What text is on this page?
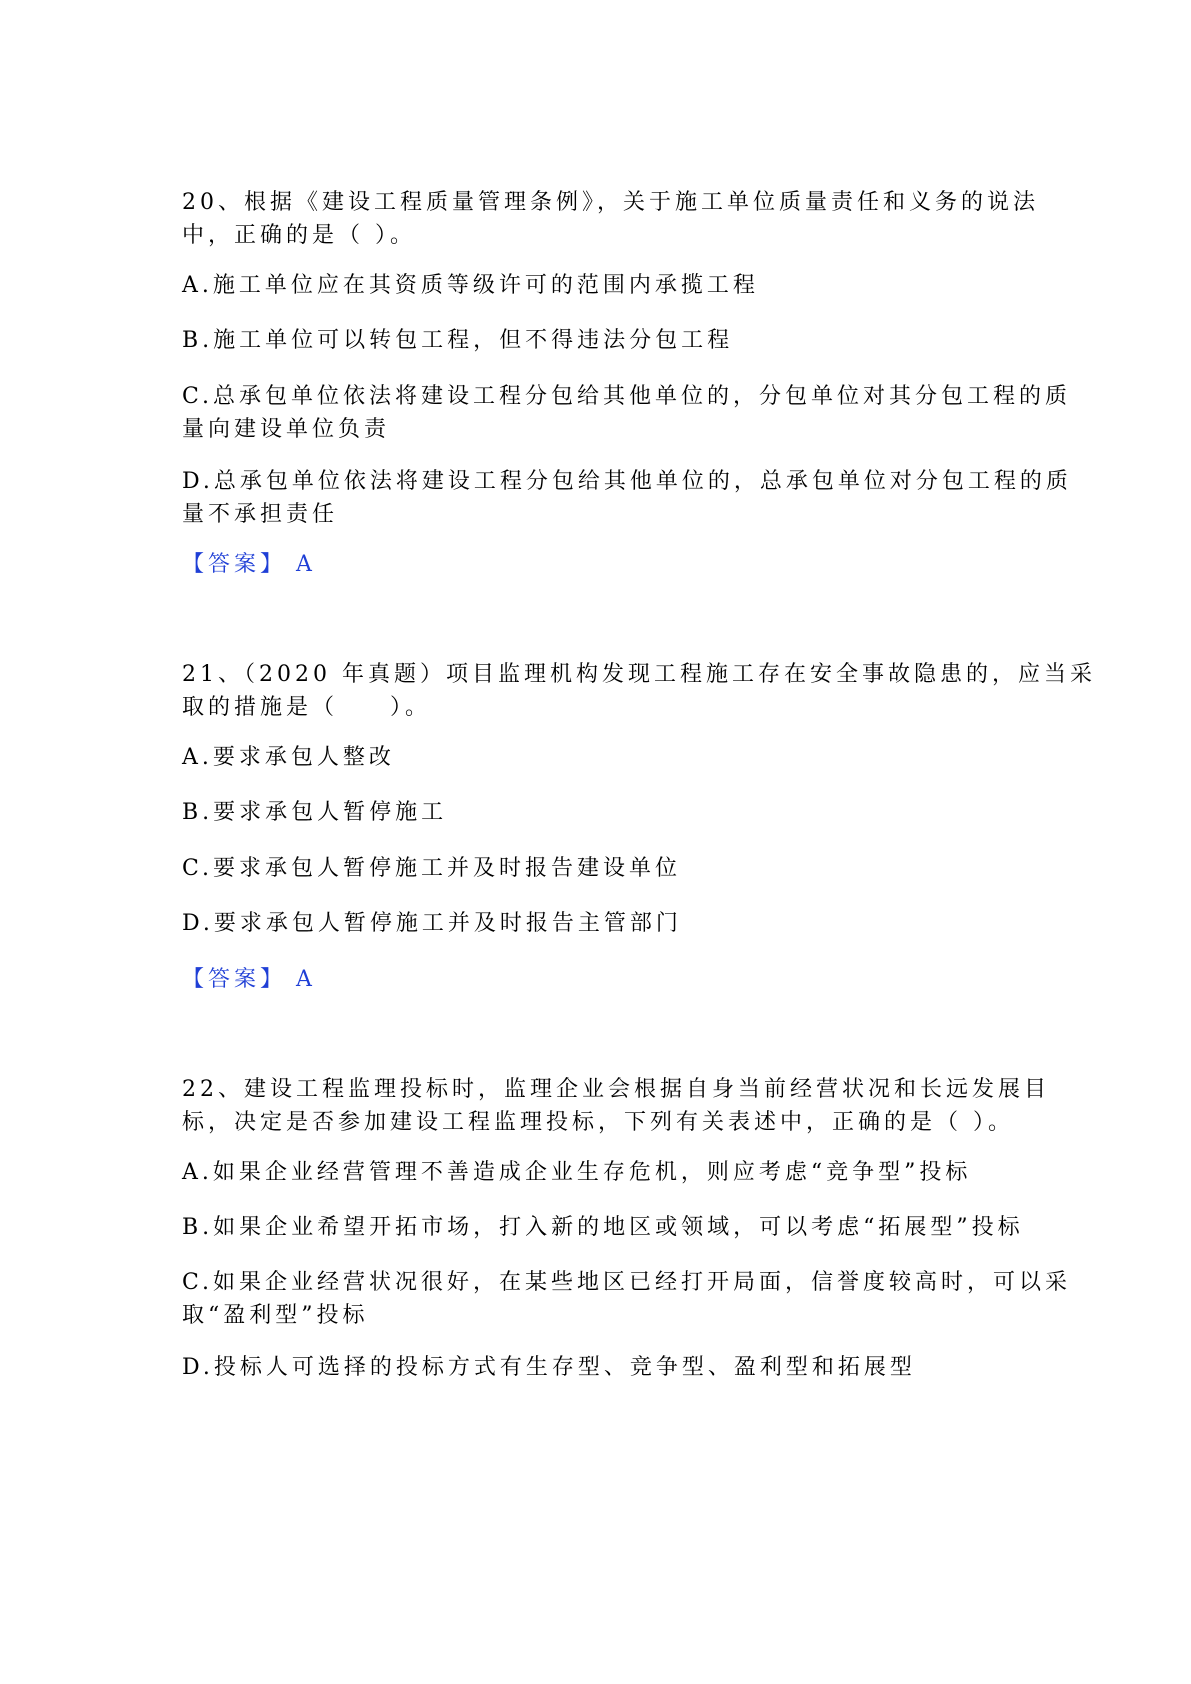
20、根据《建设工程质量管理条例》，关于施工单位质量责任和义务的说法
中，正确的是（ ）。
A.施工单位应在其资质等级许可的范围内承揽工程
B.施工单位可以转包工程，但不得违法分包工程
C.总承包单位依法将建设工程分包给其他单位的，分包单位对其分包工程的质
量向建设单位负责
D.总承包单位依法将建设工程分包给其他单位的，总承包单位对分包工程的质
量不承担责任
【答案】 A
21、（2020 年真题）项目监理机构发现工程施工存在安全事故隐患的，应当采
取的措施是（　　）。
A.要求承包人整改
B.要求承包人暂停施工
C.要求承包人暂停施工并及时报告建设单位
D.要求承包人暂停施工并及时报告主管部门
【答案】 A
22、建设工程监理投标时，监理企业会根据自身当前经营状况和长远发展目
标，决定是否参加建设工程监理投标，下列有关表述中，正确的是（ ）。
A.如果企业经营管理不善造成企业生存危机，则应考虑“竞争型”投标
B.如果企业希望开拓市场，打入新的地区或领域，可以考虑“拓展型”投标
C.如果企业经营状况很好，在某些地区已经打开局面，信誉度较高时，可以采
取“盈利型”投标
D.投标人可选择的投标方式有生存型、竞争型、盈利型和拓展型
